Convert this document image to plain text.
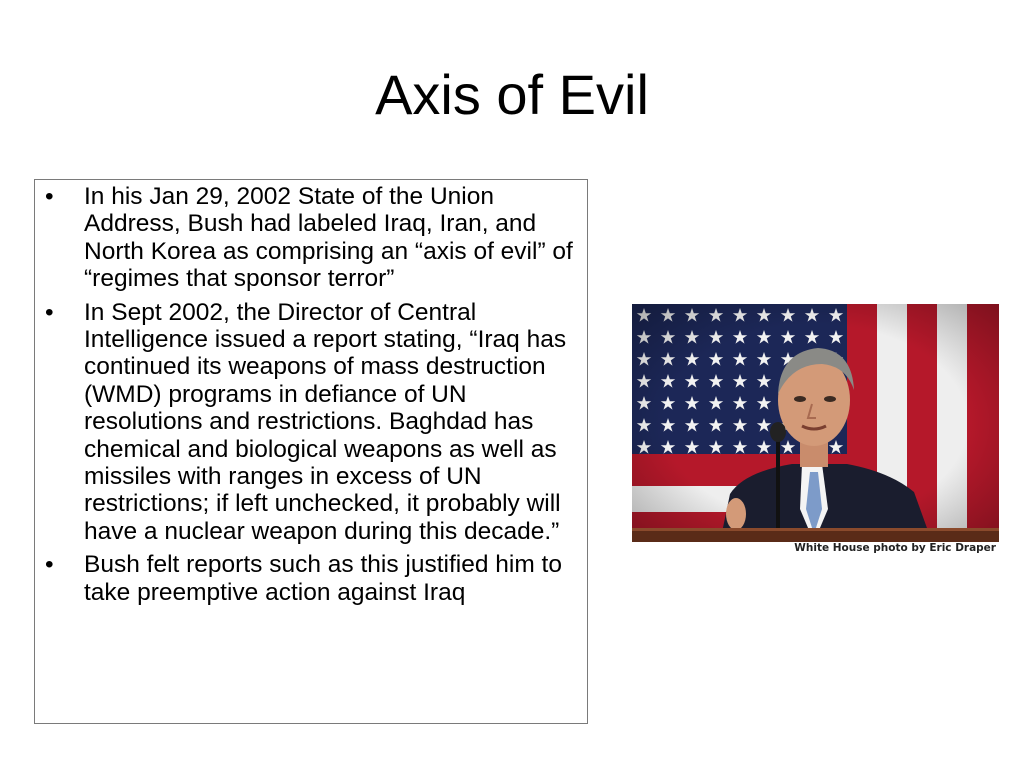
Axis of Evil
• In his Jan 29, 2002 State of the Union Address, Bush had labeled Iraq, Iran, and North Korea as comprising an “axis of evil” of “regimes that sponsor terror”
• In Sept 2002, the Director of Central Intelligence issued a report stating, “Iraq has continued its weapons of mass destruction (WMD) programs in defiance of UN resolutions and restrictions. Baghdad has chemical and biological weapons as well as missiles with ranges in excess of UN restrictions; if left unchecked, it probably will have a nuclear weapon during this decade.”
• Bush felt reports such as this justified him to take preemptive action against Iraq
White House photo by Eric Draper
